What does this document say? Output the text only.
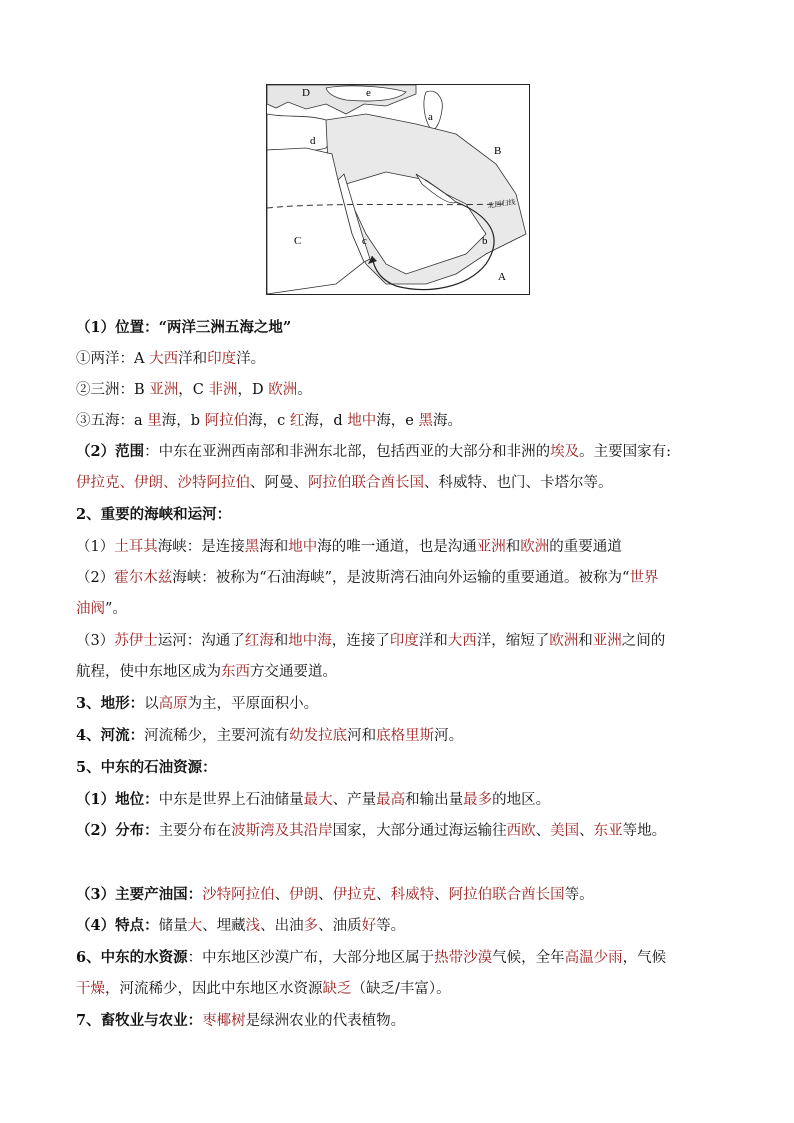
e
D
a
d
B
北回归线
C	c	b
A
（1）位置：“两洋三洲五海之地”
①两洋：A 大西洋和印度洋。
②三洲：B 亚洲，C 非洲，D 欧洲。
③五海：a 里海，b 阿拉伯海，c 红海，d 地中海，e 黑海。
（2）范围：中东在亚洲西南部和非洲东北部，包括西亚的大部分和非洲的埃及。主要国家有:
伊拉克、伊朗、沙特阿拉伯、阿曼、阿拉伯联合酋长国、科威特、也门、卡塔尔等。
2、重要的海峡和运河：
（1）土耳其海峡：是连接黑海和地中海的唯一通道，也是沟通亚洲和欧洲的重要通道
（2）霍尔木兹海峡：被称为“石油海峡”，是波斯湾石油向外运输的重要通道。被称为“世界
油阀”。
（3）苏伊士运河：沟通了红海和地中海，连接了印度洋和大西洋，缩短了欧洲和亚洲之间的
航程，使中东地区成为东西方交通要道。
3、地形：以高原为主，平原面积小。
4、河流：河流稀少，主要河流有幼发拉底河和底格里斯河。
5、中东的石油资源：
（1）地位：中东是世界上石油储量最大、产量最高和输出量最多的地区。
（2）分布：主要分布在波斯湾及其沿岸国家，大部分通过海运输往西欧、美国、东亚等地。
（3）主要产油国：沙特阿拉伯、伊朗、伊拉克、科威特、阿拉伯联合酋长国等。
（4）特点：储量大、埋藏浅、出油多、油质好等。
6、中东的水资源：中东地区沙漠广布，大部分地区属于热带沙漠气候，全年高温少雨，气候
干燥，河流稀少，因此中东地区水资源缺乏（缺乏/丰富）。
7、畜牧业与农业：枣椰树是绿洲农业的代表植物。
